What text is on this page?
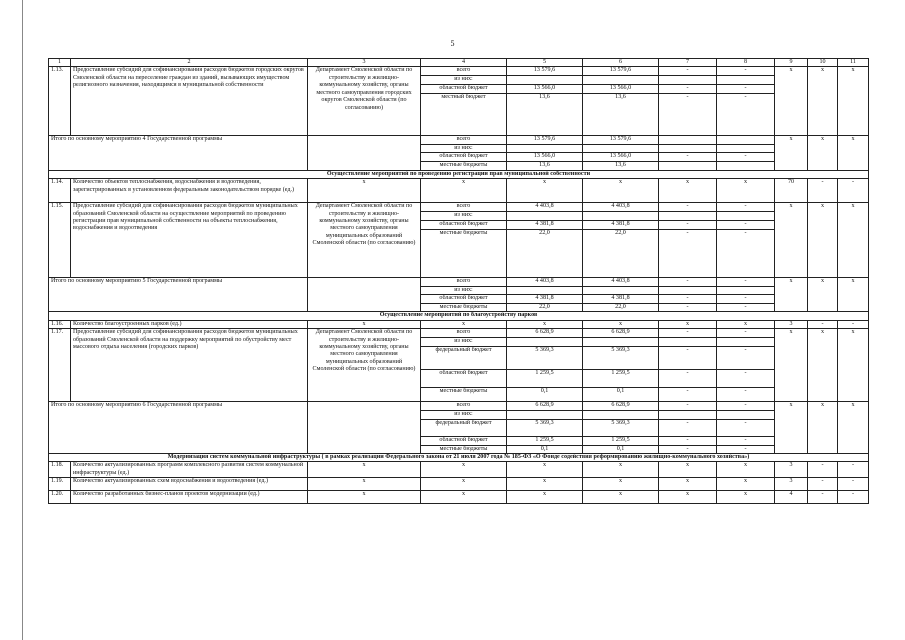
5
1	2	3	4	5	6	7	8	9	10	11
1.13.	Предоставление субсидий для софинансирования расходов бюджетов городских округов Смоленской области на переселение граждан из зданий, вызывающих имуществом религиозного назначения, находящимся в муниципальной собственности	Департамент Смоленской области по строительству и жилищно-коммунальному хозяйству, органы местного самоуправления городских округов Смоленской области (по согласованию)	всего	13 579,6	13 579,6	-	-	х	х	х
			из них:							
			областной бюджет	13 566,0	13 566,0	-	-			
			местный бюджет	13,6	13,6	-	-			
Итого по основному мероприятию 4 Государственной программы			всего	13 579,6	13 579,6			х	х	х
			из них:							
			областной бюджет	13 566,0	13 566,0	-	-			
			местные бюджеты	13,6	13,6					
Осуществление мероприятий по проведению регистрации прав муниципальной собственности										
1.14.	Количество объектов теплоснабжения, водоснабжения и водоотведения, зарегистрированных в установленном федеральным законодательством порядке (ед.)	х	х	х	х	х	х	70	-	-
1.15.	Предоставление субсидий для софинансирования расходов бюджетов муниципальных образований Смоленской области на осуществление мероприятий по проведению регистрации прав муниципальной собственности на объекты теплоснабжения, водоснабжения и водоотведения	Департамент Смоленской области по строительству и жилищно-коммунальному хозяйству, органы местного самоуправления муниципальных образований Смоленской области (по согласованию)	всего	4 403,8	4 403,8	-	-	х	х	х
			из них:							
			областной бюджет	4 381,8	4 381,8	-	-			
			местные бюджеты	22,0	22,0	-	-			
Итого по основному мероприятию 5 Государственной программы			всего	4 403,8	4 403,8	-	-	х	х	х
			из них:							
			областной бюджет	4 381,8	4 381,8	-	-			
			местные бюджеты	22,0	22,0	-	-			
Осуществление мероприятий по благоустройству парков										
1.16.	Количество благоустроенных парков (ед.)	х	х	х	х	х	х	3	-	-
1.17.	Предоставление субсидий для софинансирования расходов бюджетов муниципальных образований Смоленской области на поддержку мероприятий по обустройству мест массового отдыха населения (городских парков)	Департамент Смоленской области по строительству и жилищно-коммунальному хозяйству, органы местного самоуправления муниципальных образований Смоленской области (по согласованию)	всего	6 628,9	6 628,9	-	-	х	х	х
			из них:							
			федеральный бюджет	5 369,3	5 369,3	-	-			
			областной бюджет	1 259,5	1 259,5	-	-			
			местные бюджеты	0,1	0,1	-	-			
Итого по основному мероприятию 6 Государственной программы			всего	6 628,9	6 628,9	-	-	х	х	х
			из них:							
			федеральный бюджет	5 369,3	5 369,3	-	-			
			областной бюджет	1 259,5	1 259,5	-	-			
			местные бюджеты	0,1	0,1	-	-			
Модернизация систем коммунальной инфраструктуры ( в рамках реализации Федерального закона от 21 июля 2007 года № 185-ФЗ «О Фонде содействия реформированию жилищно-коммунального хозяйства»)										
1.18.	Количество актуализированных программ комплексного развития систем коммунальной инфраструктуры (ед.)	х	х	х	х	х	х	3	-	-
1.19.	Количество актуализированных схем водоснабжения и водоотведения (ед.)	х	х	х	х	х	х	3	-	-
1.20.	Количество разработанных бизнес-планов проектов модернизации (ед.)	х	х	х	х	х	х	4	-	-
